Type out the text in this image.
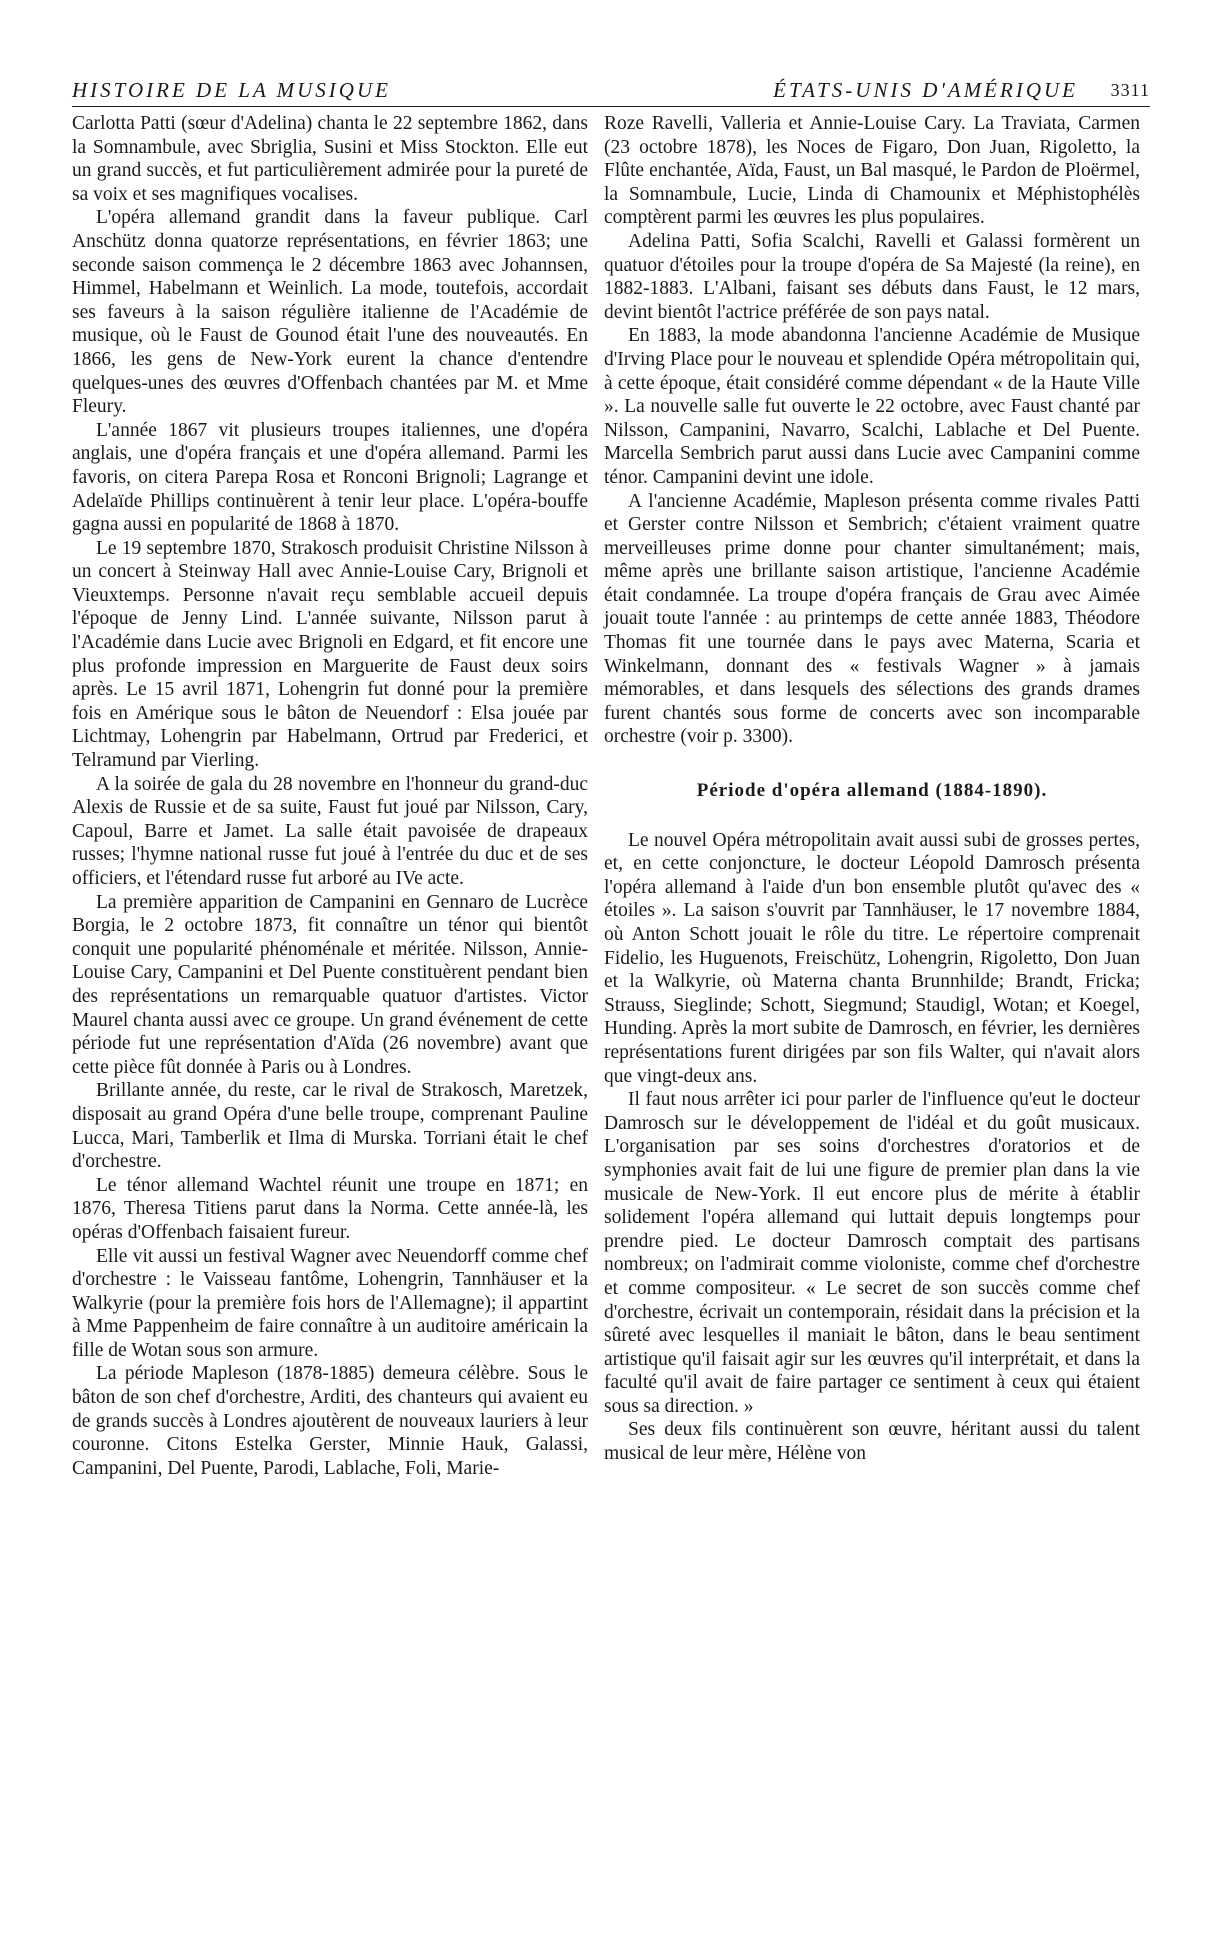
HISTOIRE DE LA MUSIQUE	ÉTATS-UNIS D'AMÉRIQUE 3311

Carlotta Patti (sœur d'Adelina) chanta le 22 septembre 1862, dans la Somnambule, avec Sbriglia, Susini et Miss Stockton. Elle eut un grand succès, et fut particulièrement admirée pour la pureté de sa voix et ses magnifiques vocalises.

L'opéra allemand grandit dans la faveur publique. Carl Anschütz donna quatorze représentations, en février 1863; une seconde saison commença le 2 décembre 1863 avec Johannsen, Himmel, Habelmann et Weinlich. La mode, toutefois, accordait ses faveurs à la saison régulière italienne de l'Académie de musique, où le Faust de Gounod était l'une des nouveautés. En 1866, les gens de New-York eurent la chance d'entendre quelques-unes des œuvres d'Offenbach chantées par M. et Mme Fleury.

L'année 1867 vit plusieurs troupes italiennes, une d'opéra anglais, une d'opéra français et une d'opéra allemand. Parmi les favoris, on citera Parepa Rosa et Ronconi Brignoli; Lagrange et Adelaïde Phillips continuèrent à tenir leur place. L'opéra-bouffe gagna aussi en popularité de 1868 à 1870.

Le 19 septembre 1870, Strakosch produisit Christine Nilsson à un concert à Steinway Hall avec Annie-Louise Cary, Brignoli et Vieuxtemps. Personne n'avait reçu semblable accueil depuis l'époque de Jenny Lind. L'année suivante, Nilsson parut à l'Académie dans Lucie avec Brignoli en Edgard, et fit encore une plus profonde impression en Marguerite de Faust deux soirs après. Le 15 avril 1871, Lohengrin fut donné pour la première fois en Amérique sous le bâton de Neuendorf : Elsa jouée par Lichtmay, Lohengrin par Habelmann, Ortrud par Frederici, et Telramund par Vierling.

A la soirée de gala du 28 novembre en l'honneur du grand-duc Alexis de Russie et de sa suite, Faust fut joué par Nilsson, Cary, Capoul, Barre et Jamet. La salle était pavoisée de drapeaux russes; l'hymne national russe fut joué à l'entrée du duc et de ses officiers, et l'étendard russe fut arboré au IVe acte.

La première apparition de Campanini en Gennaro de Lucrèce Borgia, le 2 octobre 1873, fit connaître un ténor qui bientôt conquit une popularité phénoménale et méritée. Nilsson, Annie-Louise Cary, Campanini et Del Puente constituèrent pendant bien des représentations un remarquable quatuor d'artistes. Victor Maurel chanta aussi avec ce groupe. Un grand événement de cette période fut une représentation d'Aïda (26 novembre) avant que cette pièce fût donnée à Paris ou à Londres.

Brillante année, du reste, car le rival de Strakosch, Maretzek, disposait au grand Opéra d'une belle troupe, comprenant Pauline Lucca, Mari, Tamberlik et Ilma di Murska. Torriani était le chef d'orchestre.

Le ténor allemand Wachtel réunit une troupe en 1871; en 1876, Theresa Titiens parut dans la Norma. Cette année-là, les opéras d'Offenbach faisaient fureur.

Elle vit aussi un festival Wagner avec Neuendorff comme chef d'orchestre : le Vaisseau fantôme, Lohengrin, Tannhäuser et la Walkyrie (pour la première fois hors de l'Allemagne); il appartint à Mme Pappenheim de faire connaître à un auditoire américain la fille de Wotan sous son armure.

La période Mapleson (1878-1885) demeura célèbre. Sous le bâton de son chef d'orchestre, Arditi, des chanteurs qui avaient eu de grands succès à Londres ajoutèrent de nouveaux lauriers à leur couronne. Citons Estelka Gerster, Minnie Hauk, Galassi, Campanini, Del Puente, Parodi, Lablache, Foli, Marie-

Roze Ravelli, Valleria et Annie-Louise Cary. La Traviata, Carmen (23 octobre 1878), les Noces de Figaro, Don Juan, Rigoletto, la Flûte enchantée, Aïda, Faust, un Bal masqué, le Pardon de Ploërmel, la Somnambule, Lucie, Linda di Chamounix et Méphistophélès comptèrent parmi les œuvres les plus populaires.

Adelina Patti, Sofia Scalchi, Ravelli et Galassi formèrent un quatuor d'étoiles pour la troupe d'opéra de Sa Majesté (la reine), en 1882-1883. L'Albani, faisant ses débuts dans Faust, le 12 mars, devint bientôt l'actrice préférée de son pays natal.

En 1883, la mode abandonna l'ancienne Académie de Musique d'Irving Place pour le nouveau et splendide Opéra métropolitain qui, à cette époque, était considéré comme dépendant « de la Haute Ville ». La nouvelle salle fut ouverte le 22 octobre, avec Faust chanté par Nilsson, Campanini, Navarro, Scalchi, Lablache et Del Puente. Marcella Sembrich parut aussi dans Lucie avec Campanini comme ténor. Campanini devint une idole.

A l'ancienne Académie, Mapleson présenta comme rivales Patti et Gerster contre Nilsson et Sembrich; c'étaient vraiment quatre merveilleuses prime donne pour chanter simultanément; mais, même après une brillante saison artistique, l'ancienne Académie était condamnée. La troupe d'opéra français de Grau avec Aimée jouait toute l'année : au printemps de cette année 1883, Théodore Thomas fit une tournée dans le pays avec Materna, Scaria et Winkelmann, donnant des « festivals Wagner » à jamais mémorables, et dans lesquels des sélections des grands drames furent chantés sous forme de concerts avec son incomparable orchestre (voir p. 3300).

Période d'opéra allemand (1884-1890).

Le nouvel Opéra métropolitain avait aussi subi de grosses pertes, et, en cette conjoncture, le docteur Léopold Damrosch présenta l'opéra allemand à l'aide d'un bon ensemble plutôt qu'avec des « étoiles ». La saison s'ouvrit par Tannhäuser, le 17 novembre 1884, où Anton Schott jouait le rôle du titre. Le répertoire comprenait Fidelio, les Huguenots, Freischütz, Lohengrin, Rigoletto, Don Juan et la Walkyrie, où Materna chanta Brunnhilde; Brandt, Fricka; Strauss, Sieglinde; Schott, Siegmund; Staudigl, Wotan; et Koegel, Hunding. Après la mort subite de Damrosch, en février, les dernières représentations furent dirigées par son fils Walter, qui n'avait alors que vingt-deux ans.

Il faut nous arrêter ici pour parler de l'influence qu'eut le docteur Damrosch sur le développement de l'idéal et du goût musicaux. L'organisation par ses soins d'orchestres d'oratorios et de symphonies avait fait de lui une figure de premier plan dans la vie musicale de New-York. Il eut encore plus de mérite à établir solidement l'opéra allemand qui luttait depuis longtemps pour prendre pied. Le docteur Damrosch comptait des partisans nombreux; on l'admirait comme violoniste, comme chef d'orchestre et comme compositeur. « Le secret de son succès comme chef d'orchestre, écrivait un contemporain, résidait dans la précision et la sûreté avec lesquelles il maniait le bâton, dans le beau sentiment artistique qu'il faisait agir sur les œuvres qu'il interprétait, et dans la faculté qu'il avait de faire partager ce sentiment à ceux qui étaient sous sa direction. »

Ses deux fils continuèrent son œuvre, héritant aussi du talent musical de leur mère, Hélène von
